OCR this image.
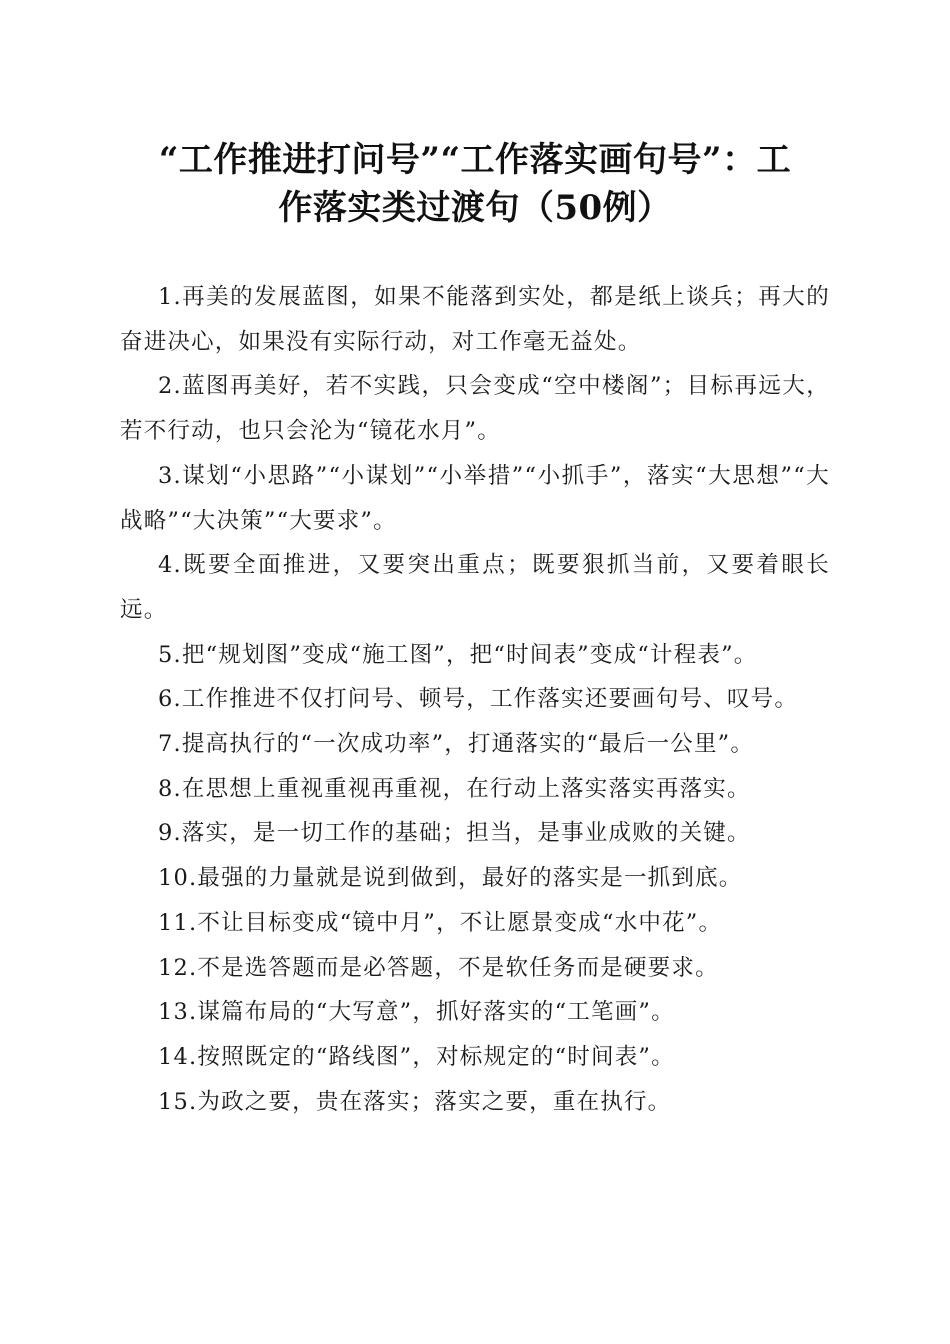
“工作推进打问号”“工作落实画句号”：工
作落实类过渡句（50例）

1.再美的发展蓝图，如果不能落到实处，都是纸上谈兵；再大的奋进决心，如果没有实际行动，对工作毫无益处。

2.蓝图再美好，若不实践，只会变成“空中楼阁”；目标再远大，若不行动，也只会沦为“镜花水月”。

3.谋划“小思路”“小谋划”“小举措”“小抓手”，落实“大思想”“大战略”“大决策”“大要求”。

4.既要全面推进，又要突出重点；既要狠抓当前，又要着眼长远。

5.把“规划图”变成“施工图”，把“时间表”变成“计程表”。

6.工作推进不仅打问号、顿号，工作落实还要画句号、叹号。

7.提高执行的“一次成功率”，打通落实的“最后一公里”。

8.在思想上重视重视再重视，在行动上落实落实再落实。

9.落实，是一切工作的基础；担当，是事业成败的关键。

10.最强的力量就是说到做到，最好的落实是一抓到底。

11.不让目标变成“镜中月”，不让愿景变成“水中花”。

12.不是选答题而是必答题，不是软任务而是硬要求。

13.谋篇布局的“大写意”，抓好落实的“工笔画”。

14.按照既定的“路线图”，对标规定的“时间表”。

15.为政之要，贵在落实；落实之要，重在执行。
